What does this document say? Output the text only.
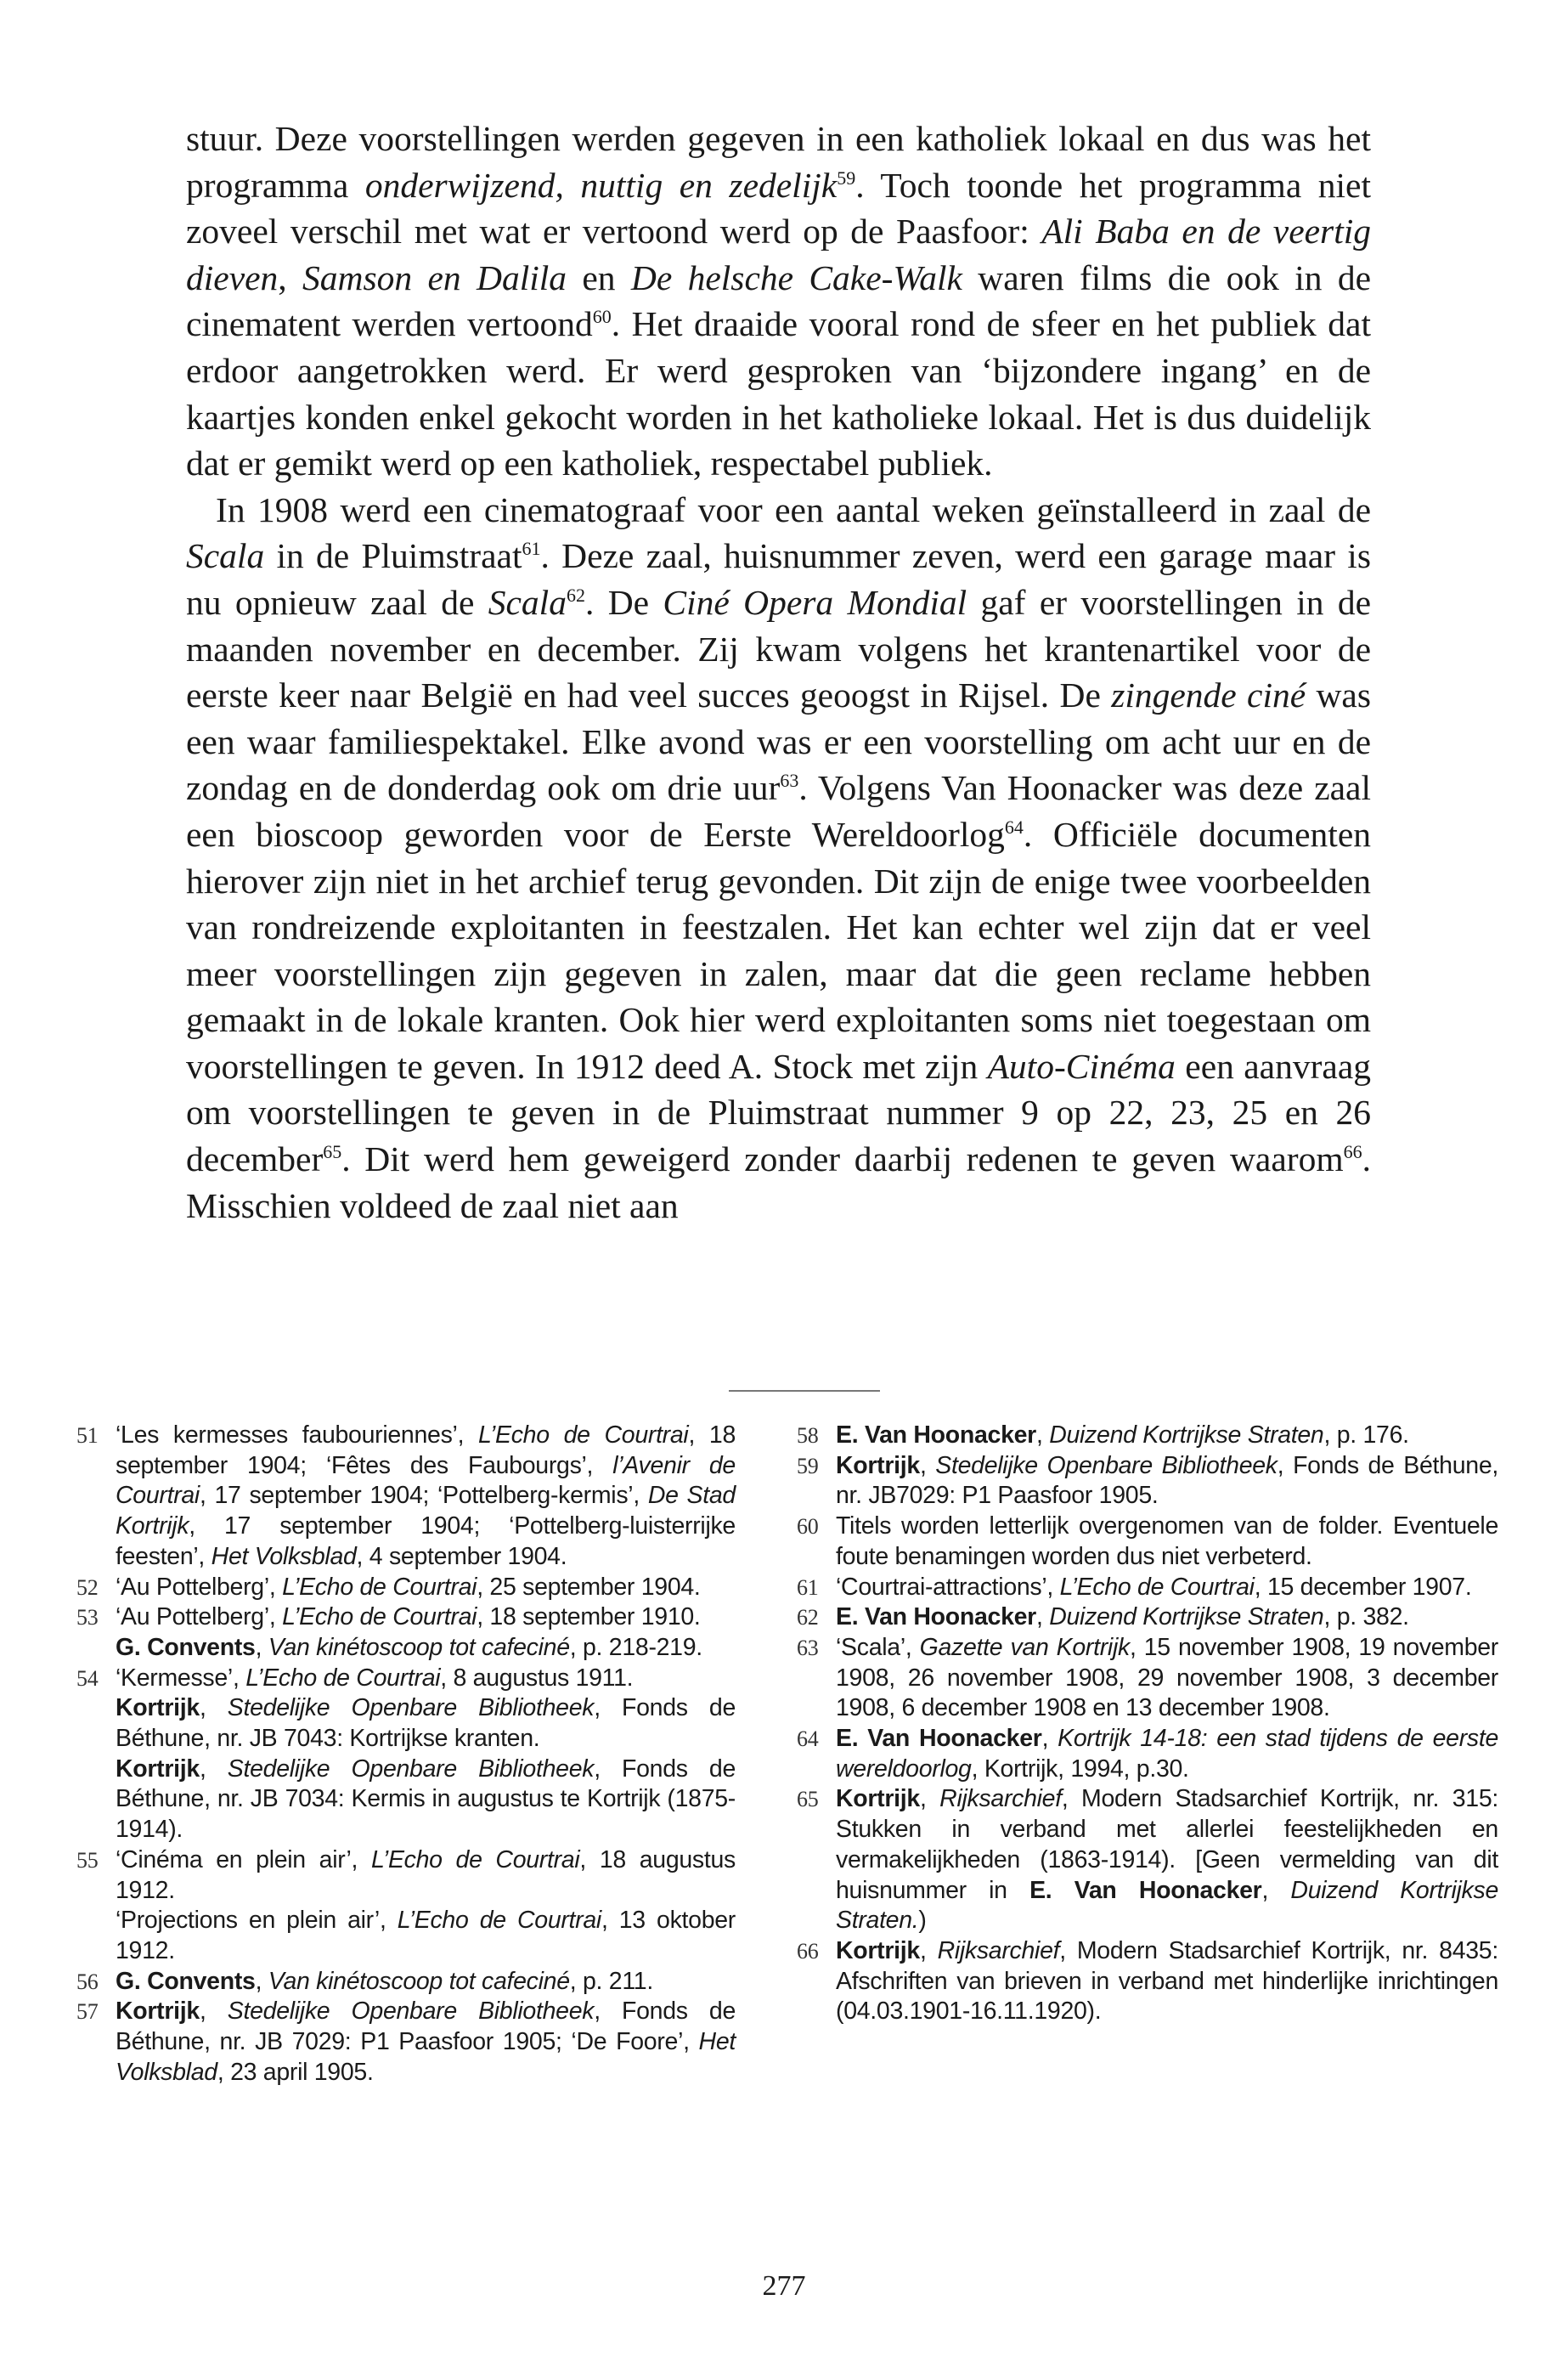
stuur. Deze voorstellingen werden gegeven in een katholiek lokaal en dus was het programma onderwijzend, nuttig en zedelijk$^{59}$. Toch toonde het programma niet zoveel verschil met wat er vertoond werd op de Paasfoor: Ali Baba en de veertig dieven, Samson en Dalila en De helsche Cake-Walk waren films die ook in de cinematent werden vertoond$^{60}$. Het draaide vooral rond de sfeer en het publiek dat erdoor aangetrokken werd. Er werd gesproken van ‘bijzondere ingang’ en de kaartjes konden enkel gekocht worden in het katholieke lokaal. Het is dus duidelijk dat er gemikt werd op een katholiek, respectabel publiek.

In 1908 werd een cinematograaf voor een aantal weken geïnstalleerd in zaal de Scala in de Pluimstraat$^{61}$. Deze zaal, huisnummer zeven, werd een garage maar is nu opnieuw zaal de Scala$^{62}$. De Ciné Opera Mondial gaf er voorstellingen in de maanden november en december. Zij kwam volgens het krantenartikel voor de eerste keer naar België en had veel succes geoogst in Rijsel. De zingende ciné was een waar familiespektakel. Elke avond was er een voorstelling om acht uur en de zondag en de donderdag ook om drie uur$^{63}$. Volgens Van Hoonacker was deze zaal een bioscoop geworden voor de Eerste Wereldoorlog$^{64}$. Officiële documenten hierover zijn niet in het archief terug gevonden. Dit zijn de enige twee voorbeelden van rondreizende exploitanten in feestzalen. Het kan echter wel zijn dat er veel meer voorstellingen zijn gegeven in zalen, maar dat die geen reclame hebben gemaakt in de lokale kranten. Ook hier werd exploitanten soms niet toegestaan om voorstellingen te geven. In 1912 deed A. Stock met zijn Auto-Cinéma een aanvraag om voorstellingen te geven in de Pluimstraat nummer 9 op 22, 23, 25 en 26 december$^{65}$. Dit werd hem geweigerd zonder daarbij redenen te geven waarom$^{66}$. Misschien voldeed de zaal niet aan

51 ‘Les kermesses faubouriennes’, L’Echo de Courtrai, 18 september 1904; ‘Fêtes des Faubourgs’, l’Avenir de Courtrai, 17 september 1904; ‘Pottelberg-kermis’, De Stad Kortrijk, 17 september 1904; ‘Pottelberg-luisterrijke feesten’, Het Volksblad, 4 september 1904.
52 ‘Au Pottelberg’, L’Echo de Courtrai, 25 september 1904.
53 ‘Au Pottelberg’, L’Echo de Courtrai, 18 september 1910.
G. Convents, Van kinétoscoop tot cafeciné, p. 218-219.
54 ‘Kermesse’, L’Echo de Courtrai, 8 augustus 1911.
Kortrijk, Stedelijke Openbare Bibliotheek, Fonds de Béthune, nr. JB 7043: Kortrijkse kranten.
Kortrijk, Stedelijke Openbare Bibliotheek, Fonds de Béthune, nr. JB 7034: Kermis in augustus te Kortrijk (1875-1914).
55 ‘Cinéma en plein air’, L’Echo de Courtrai, 18 augustus 1912.
‘Projections en plein air’, L’Echo de Courtrai, 13 oktober 1912.
56 G. Convents, Van kinétoscoop tot cafeciné, p. 211.
57 Kortrijk, Stedelijke Openbare Bibliotheek, Fonds de Béthune, nr. JB 7029: P1 Paasfoor 1905; ‘De Foore’, Het Volksblad, 23 april 1905.
58 E. Van Hoonacker, Duizend Kortrijkse Straten, p. 176.
59 Kortrijk, Stedelijke Openbare Bibliotheek, Fonds de Béthune, nr. JB7029: P1 Paasfoor 1905.
60 Titels worden letterlijk overgenomen van de folder. Eventuele foute benamingen worden dus niet verbeterd.
61 ‘Courtrai-attractions’, L’Echo de Courtrai, 15 december 1907.
62 E. Van Hoonacker, Duizend Kortrijkse Straten, p. 382.
63 ‘Scala’, Gazette van Kortrijk, 15 november 1908, 19 november 1908, 26 november 1908, 29 november 1908, 3 december 1908, 6 december 1908 en 13 december 1908.
64 E. Van Hoonacker, Kortrijk 14-18: een stad tijdens de eerste wereldoorlog, Kortrijk, 1994, p.30.
65 Kortrijk, Rijksarchief, Modern Stadsarchief Kortrijk, nr. 315: Stukken in verband met allerlei feestelijkheden en vermakelijkheden (1863-1914). [Geen vermelding van dit huisnummer in E. Van Hoonacker, Duizend Kortrijkse Straten.)
66 Kortrijk, Rijksarchief, Modern Stadsarchief Kortrijk, nr. 8435: Afschriften van brieven in verband met hinderlijke inrichtingen (04.03.1901-16.11.1920).
277
